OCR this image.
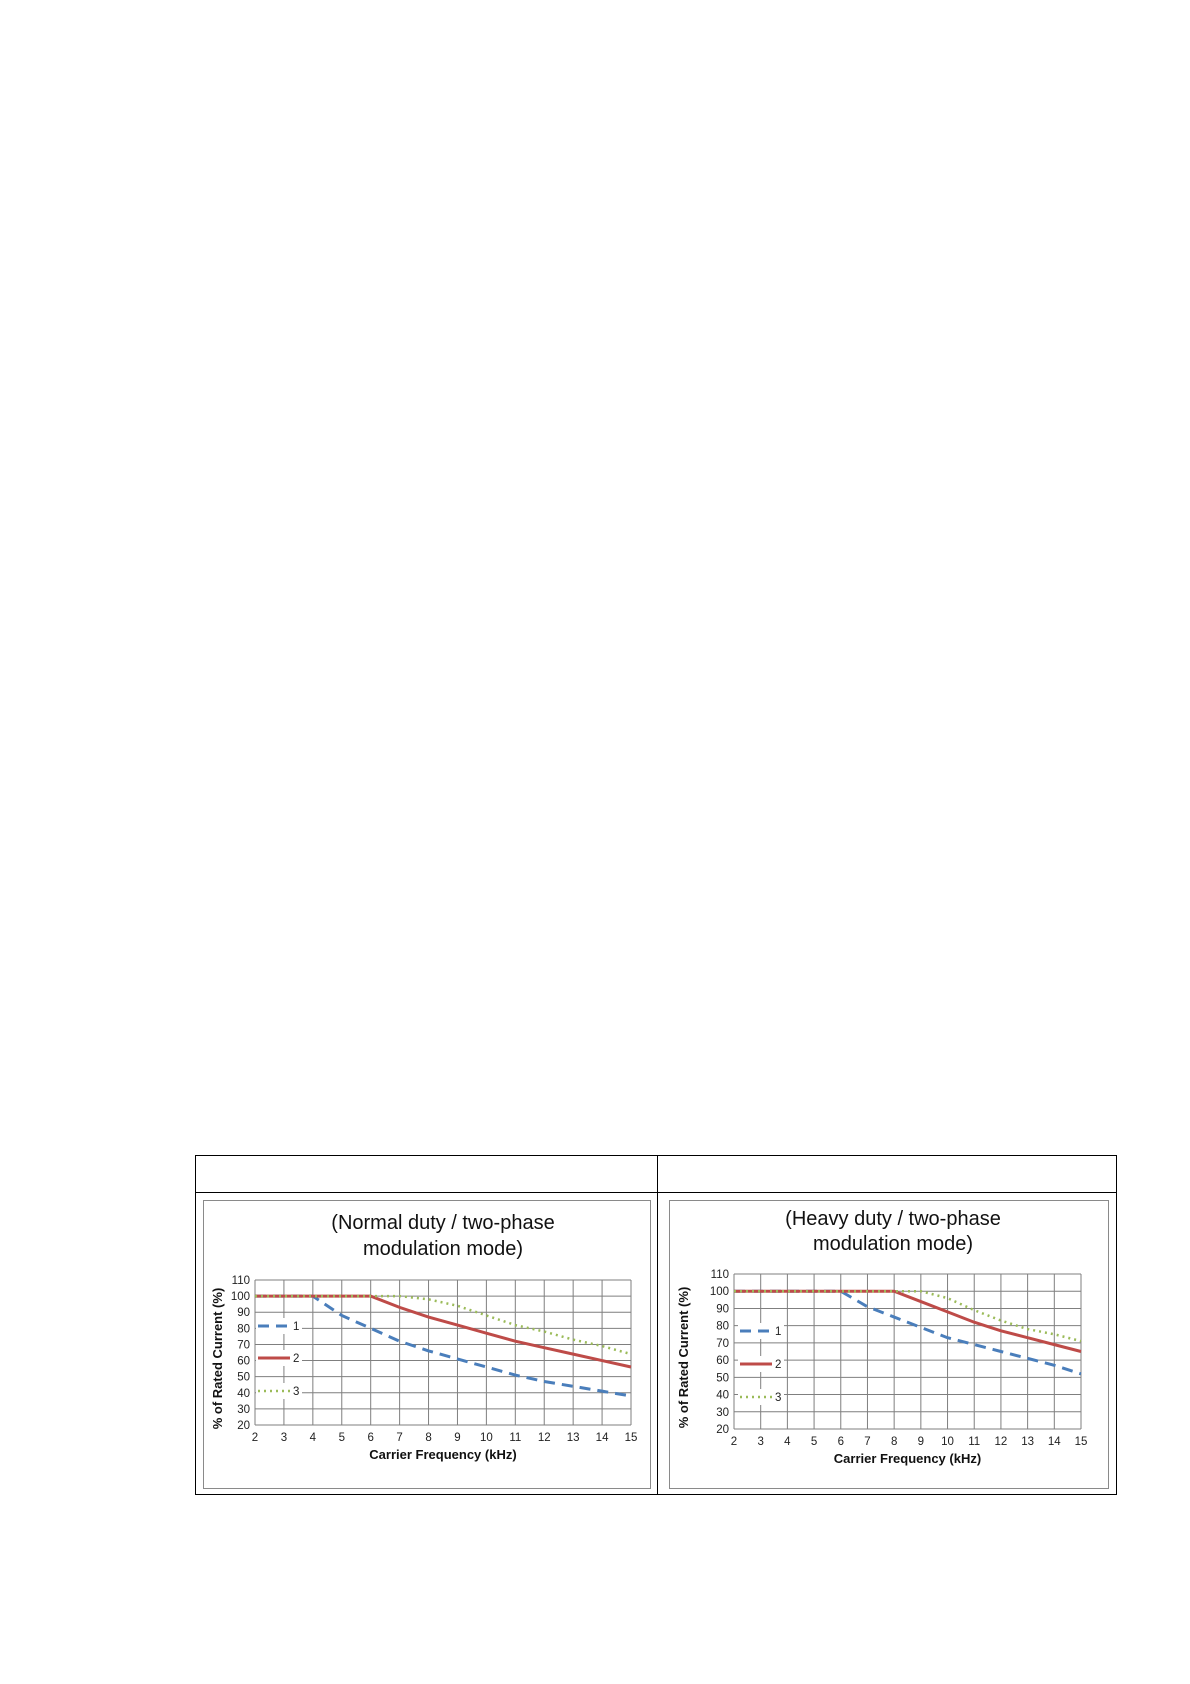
(Normal duty / two-phase
modulation mode)
2 3 4 5 6 7 8 9 10 11 12 13 14 15
20
30
40
50
60
70
80
90
100
110
Carrier Frequency (kHz)
% of Rated Current (%)	1
2
3
(Heavy duty / two-phase
modulation mode)
2 3 4 5 6 7 8 9 10 11 12 13 14 15
20
30
40
50
60
70
80
90
100
110
Carrier Frequency (kHz)
% of Rated Current (%)	1
2
3
